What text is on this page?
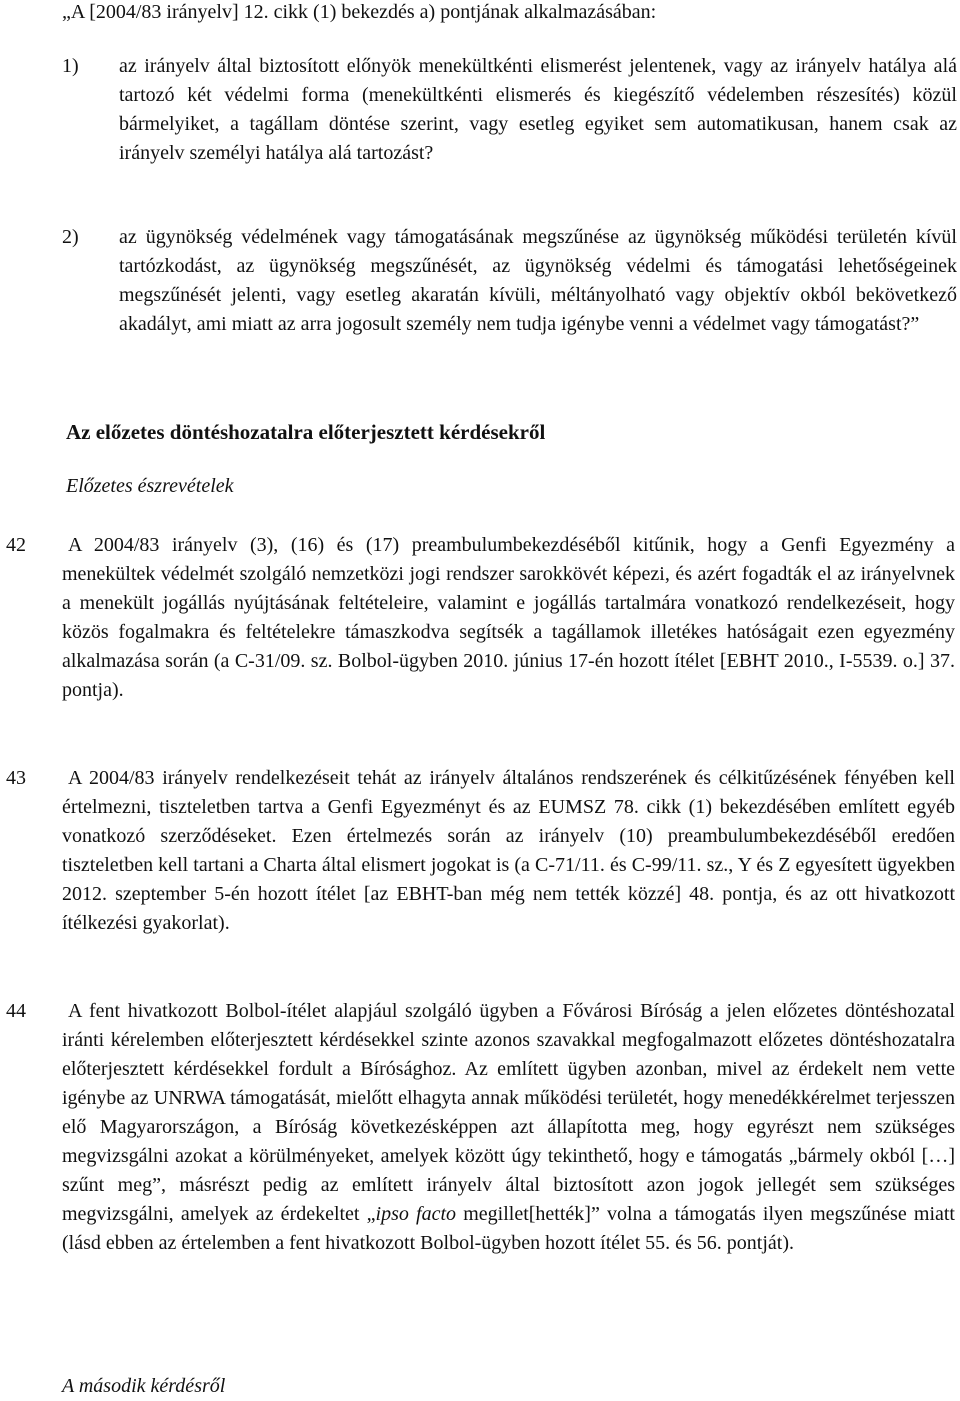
„A [2004/83 irányelv] 12. cikk (1) bekezdés a) pontjának alkalmazásában:

1) az irányelv által biztosított előnyök menekültkénti elismerést jelentenek, vagy az irányelv hatálya alá tartozó két védelmi forma (menekültkénti elismerés és kiegészítő védelemben részesítés) közül bármelyiket, a tagállam döntése szerint, vagy esetleg egyiket sem automatikusan, hanem csak az irányelv személyi hatálya alá tartozást?

2) az ügynökség védelmének vagy támogatásának megszűnése az ügynökség működési területén kívül tartózkodást, az ügynökség megszűnését, az ügynökség védelmi és támogatási lehetőségeinek megszűnését jelenti, vagy esetleg akaratán kívüli, méltányolható vagy objektív okból bekövetkező akadályt, ami miatt az arra jogosult személy nem tudja igénybe venni a védelmet vagy támogatást?”

Az előzetes döntéshozatalra előterjesztett kérdésekről

Előzetes észrevételek

42	A 2004/83 irányelv (3), (16) és (17) preambulumbekezdéséből kitűnik, hogy a Genfi Egyezmény a menekültek védelmét szolgáló nemzetközi jogi rendszer sarokkövét képezi, és azért fogadták el az irányelvnek a menekült jogállás nyújtásának feltételeire, valamint e jogállás tartalmára vonatkozó rendelkezéseit, hogy közös fogalmakra és feltételekre támaszkodva segítsék a tagállamok illetékes hatóságait ezen egyezmény alkalmazása során (a C-31/09. sz. Bolbol-ügyben 2010. június 17-én hozott ítélet [EBHT 2010., I-5539. o.] 37. pontja).

43	A 2004/83 irányelv rendelkezéseit tehát az irányelv általános rendszerének és célkitűzésének fényében kell értelmezni, tiszteletben tartva a Genfi Egyezményt és az EUMSZ 78. cikk (1) bekezdésében említett egyéb vonatkozó szerződéseket. Ezen értelmezés során az irányelv (10) preambulumbekezdéséből eredően tiszteletben kell tartani a Charta által elismert jogokat is (a C-71/11. és C-99/11. sz., Y és Z egyesített ügyekben 2012. szeptember 5-én hozott ítélet [az EBHT-ban még nem tették közzé] 48. pontja, és az ott hivatkozott ítélkezési gyakorlat).

44	A fent hivatkozott Bolbol-ítélet alapjául szolgáló ügyben a Fővárosi Bíróság a jelen előzetes döntéshozatal iránti kérelemben előterjesztett kérdésekkel szinte azonos szavakkal megfogalmazott előzetes döntéshozatalra előterjesztett kérdésekkel fordult a Bírósághoz. Az említett ügyben azonban, mivel az érdekelt nem vette igénybe az UNRWA támogatását, mielőtt elhagyta annak működési területét, hogy menedékkérelmet terjesszen elő Magyarországon, a Bíróság következésképpen azt állapította meg, hogy egyrészt nem szükséges megvizsgálni azokat a körülményeket, amelyek között úgy tekinthető, hogy e támogatás „bármely okból […] szűnt meg”, másrészt pedig az említett irányelv által biztosított azon jogok jellegét sem szükséges megvizsgálni, amelyek az érdekeltet „ipso facto megillet[hették]” volna a támogatás ilyen megszűnése miatt (lásd ebben az értelemben a fent hivatkozott Bolbol-ügyben hozott ítélet 55. és 56. pontját).

A második kérdésről
